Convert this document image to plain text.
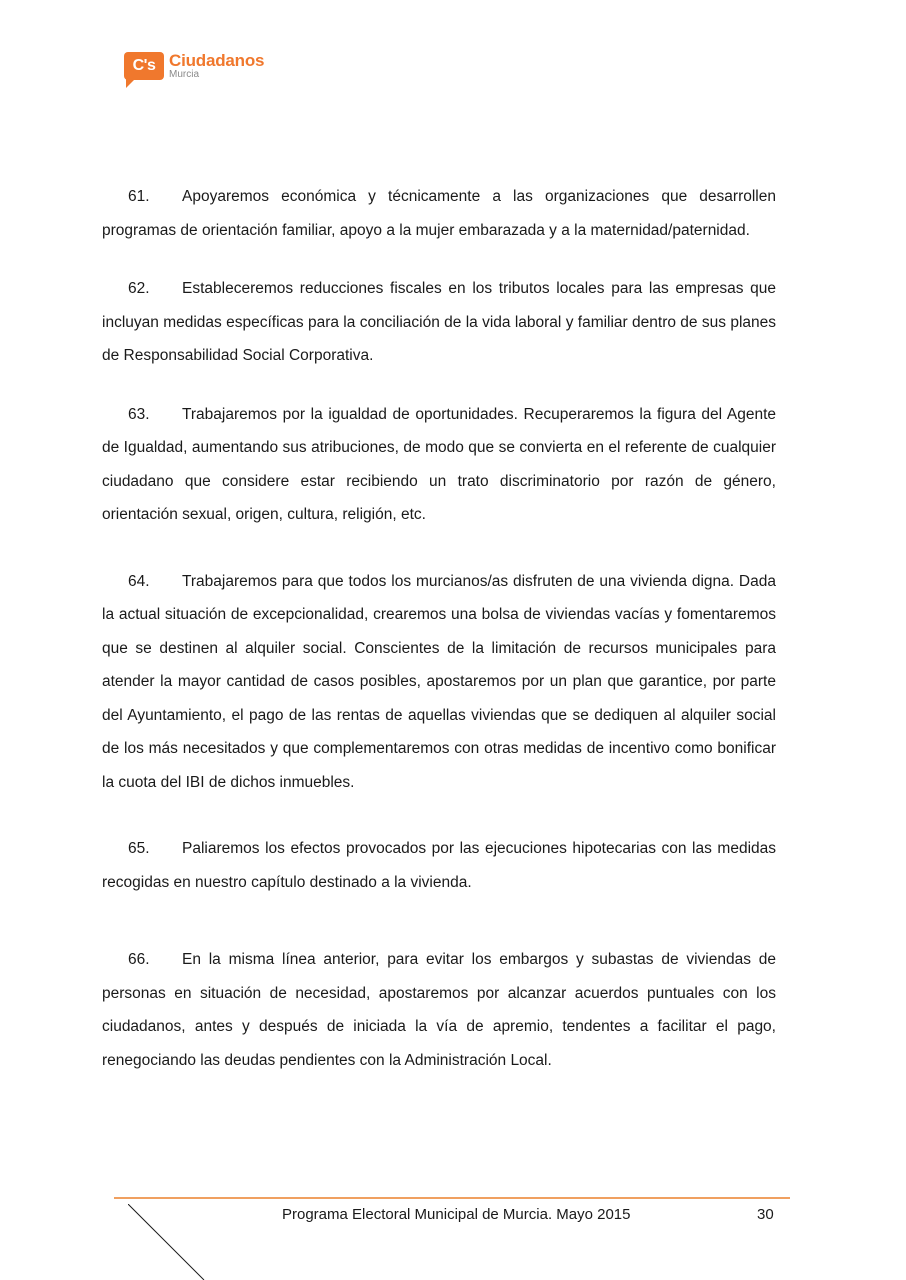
C's Ciudadanos
Murcia

61. Apoyaremos económica y técnicamente a las organizaciones que desarrollen programas de orientación familiar, apoyo a la mujer embarazada y a la maternidad/paternidad.

62. Estableceremos reducciones fiscales en los tributos locales para las empresas que incluyan medidas específicas para la conciliación de la vida laboral y familiar dentro de sus planes de Responsabilidad Social Corporativa.

63. Trabajaremos por la igualdad de oportunidades. Recuperaremos la figura del Agente de Igualdad, aumentando sus atribuciones, de modo que se convierta en el referente de cualquier ciudadano que considere estar recibiendo un trato discriminatorio por razón de género, orientación sexual, origen, cultura, religión, etc.

64. Trabajaremos para que todos los murcianos/as disfruten de una vivienda digna. Dada la actual situación de excepcionalidad, crearemos una bolsa de viviendas vacías y fomentaremos que se destinen al alquiler social. Conscientes de la limitación de recursos municipales para atender la mayor cantidad de casos posibles, apostaremos por un plan que garantice, por parte del Ayuntamiento, el pago de las rentas de aquellas viviendas que se dediquen al alquiler social de los más necesitados y que complementaremos con otras medidas de incentivo como bonificar la cuota del IBI de dichos inmuebles.

65. Paliaremos los efectos provocados por las ejecuciones hipotecarias con las medidas recogidas en nuestro capítulo destinado a la vivienda.

66. En la misma línea anterior, para evitar los embargos y subastas de viviendas de personas en situación de necesidad, apostaremos por alcanzar acuerdos puntuales con los ciudadanos, antes y después de iniciada la vía de apremio, tendentes a facilitar el pago, renegociando las deudas pendientes con la Administración Local.

Programa Electoral Municipal de Murcia. Mayo 2015	30
